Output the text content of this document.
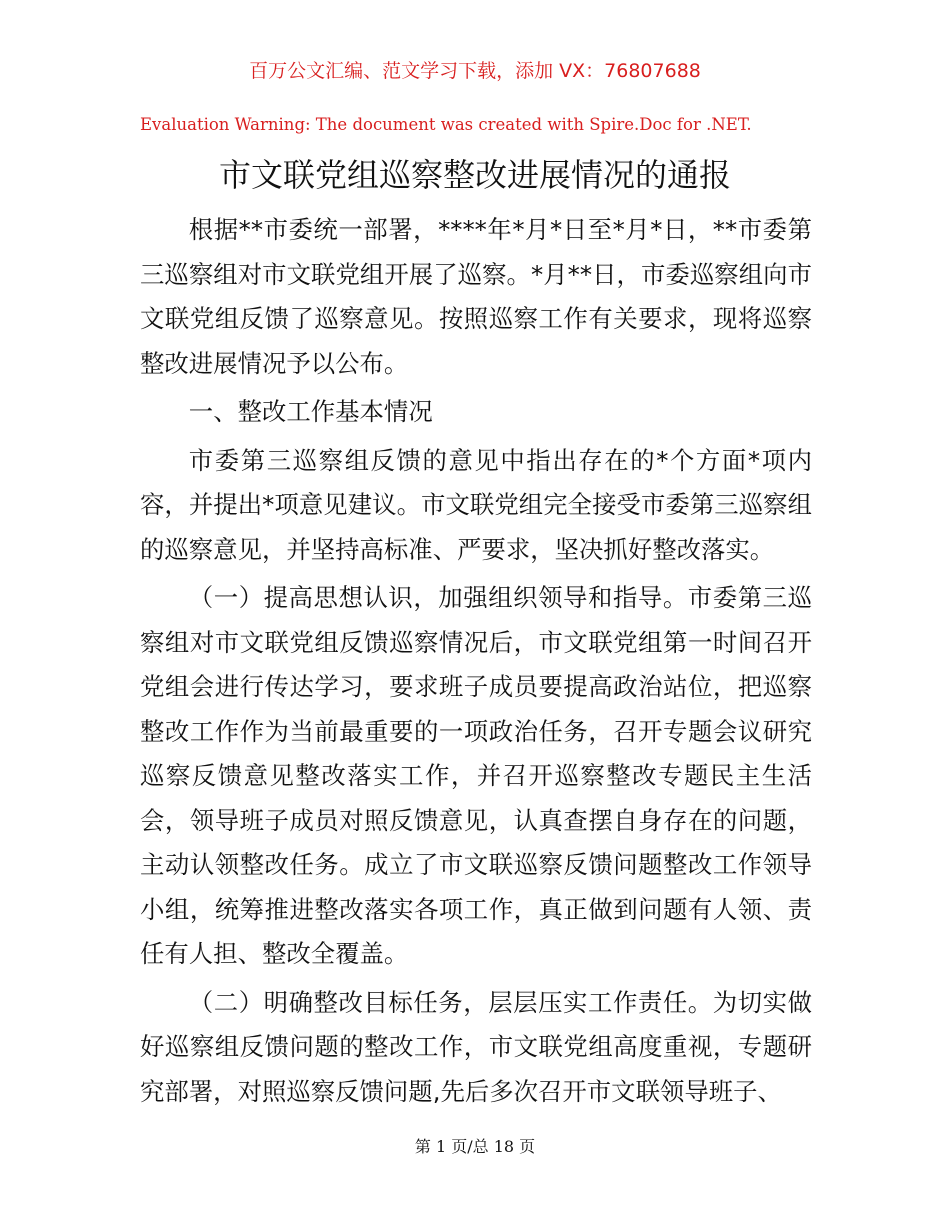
百万公文汇编、范文学习下载，添加 VX：76807688
Evaluation Warning: The document was created with Spire.Doc for .NET.
市文联党组巡察整改进展情况的通报

根据**市委统一部署，****年*月*日至*月*日，**市委第三巡察组对市文联党组开展了巡察。*月**日，市委巡察组向市文联党组反馈了巡察意见。按照巡察工作有关要求，现将巡察整改进展情况予以公布。

一、整改工作基本情况

市委第三巡察组反馈的意见中指出存在的*个方面*项内容，并提出*项意见建议。市文联党组完全接受市委第三巡察组的巡察意见，并坚持高标准、严要求，坚决抓好整改落实。

（一）提高思想认识，加强组织领导和指导。市委第三巡察组对市文联党组反馈巡察情况后，市文联党组第一时间召开党组会进行传达学习，要求班子成员要提高政治站位，把巡察整改工作作为当前最重要的一项政治任务，召开专题会议研究巡察反馈意见整改落实工作，并召开巡察整改专题民主生活会，领导班子成员对照反馈意见，认真查摆自身存在的问题，主动认领整改任务。成立了市文联巡察反馈问题整改工作领导小组，统筹推进整改落实各项工作，真正做到问题有人领、责任有人担、整改全覆盖。

（二）明确整改目标任务，层层压实工作责任。为切实做好巡察组反馈问题的整改工作，市文联党组高度重视，专题研究部署，对照巡察反馈问题,先后多次召开市文联领导班子、

第 1 页/总 18 页
